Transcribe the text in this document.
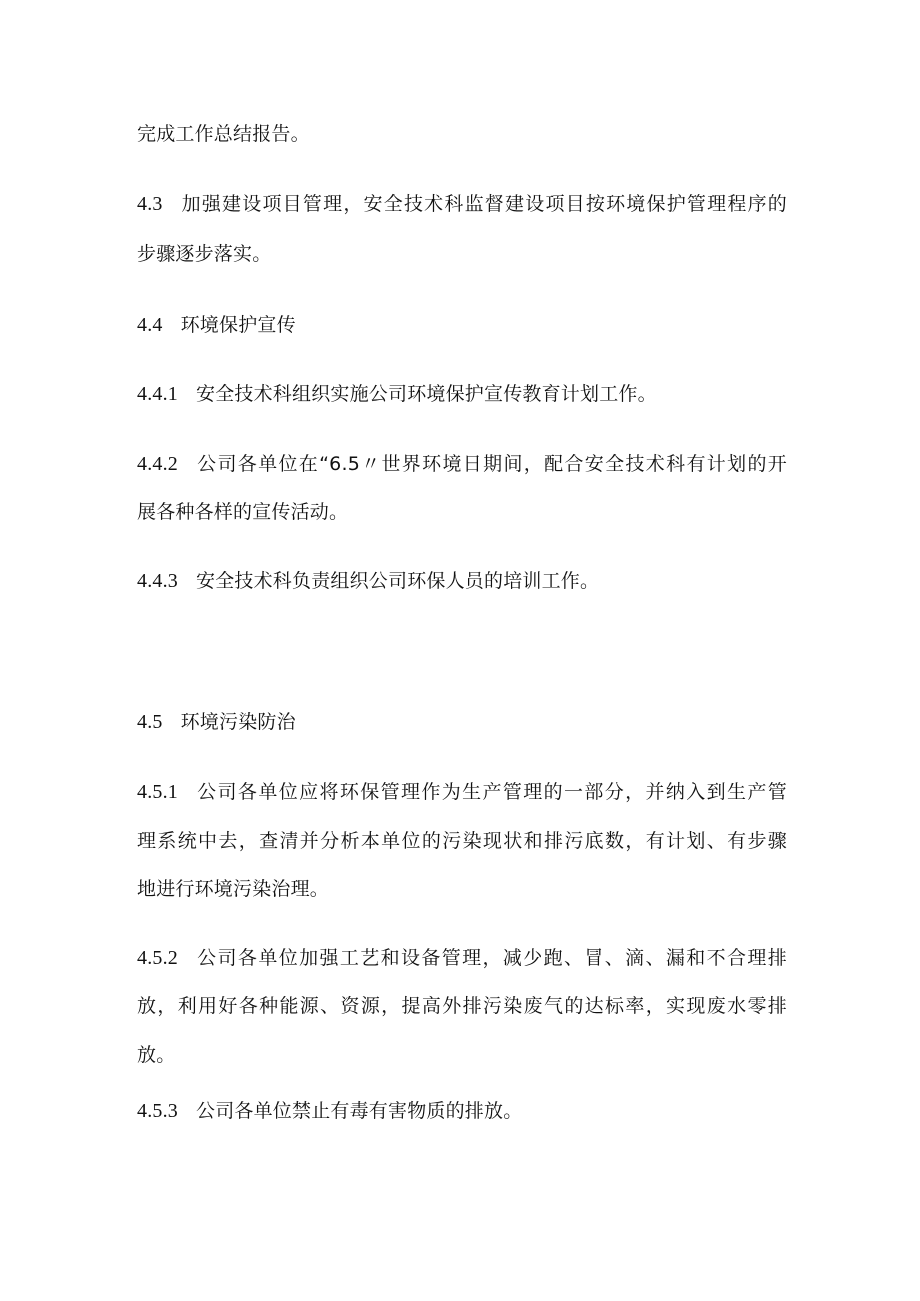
完成工作总结报告。
4.3 加强建设项目管理，安全技术科监督建设项目按环境保护管理程序的
步骤逐步落实。
4.4 环境保护宣传
4.4.1 安全技术科组织实施公司环境保护宣传教育计划工作。
4.4.2 公司各单位在“6.5〃世界环境日期间，配合安全技术科有计划的开
展各种各样的宣传活动。
4.4.3 安全技术科负责组织公司环保人员的培训工作。
4.5 环境污染防治
4.5.1 公司各单位应将环保管理作为生产管理的一部分，并纳入到生产管
理系统中去，查清并分析本单位的污染现状和排污底数，有计划、有步骤
地进行环境污染治理。
4.5.2 公司各单位加强工艺和设备管理，减少跑、冒、滴、漏和不合理排
放，利用好各种能源、资源，提高外排污染废气的达标率，实现废水零排
放。
4.5.3 公司各单位禁止有毒有害物质的排放。
